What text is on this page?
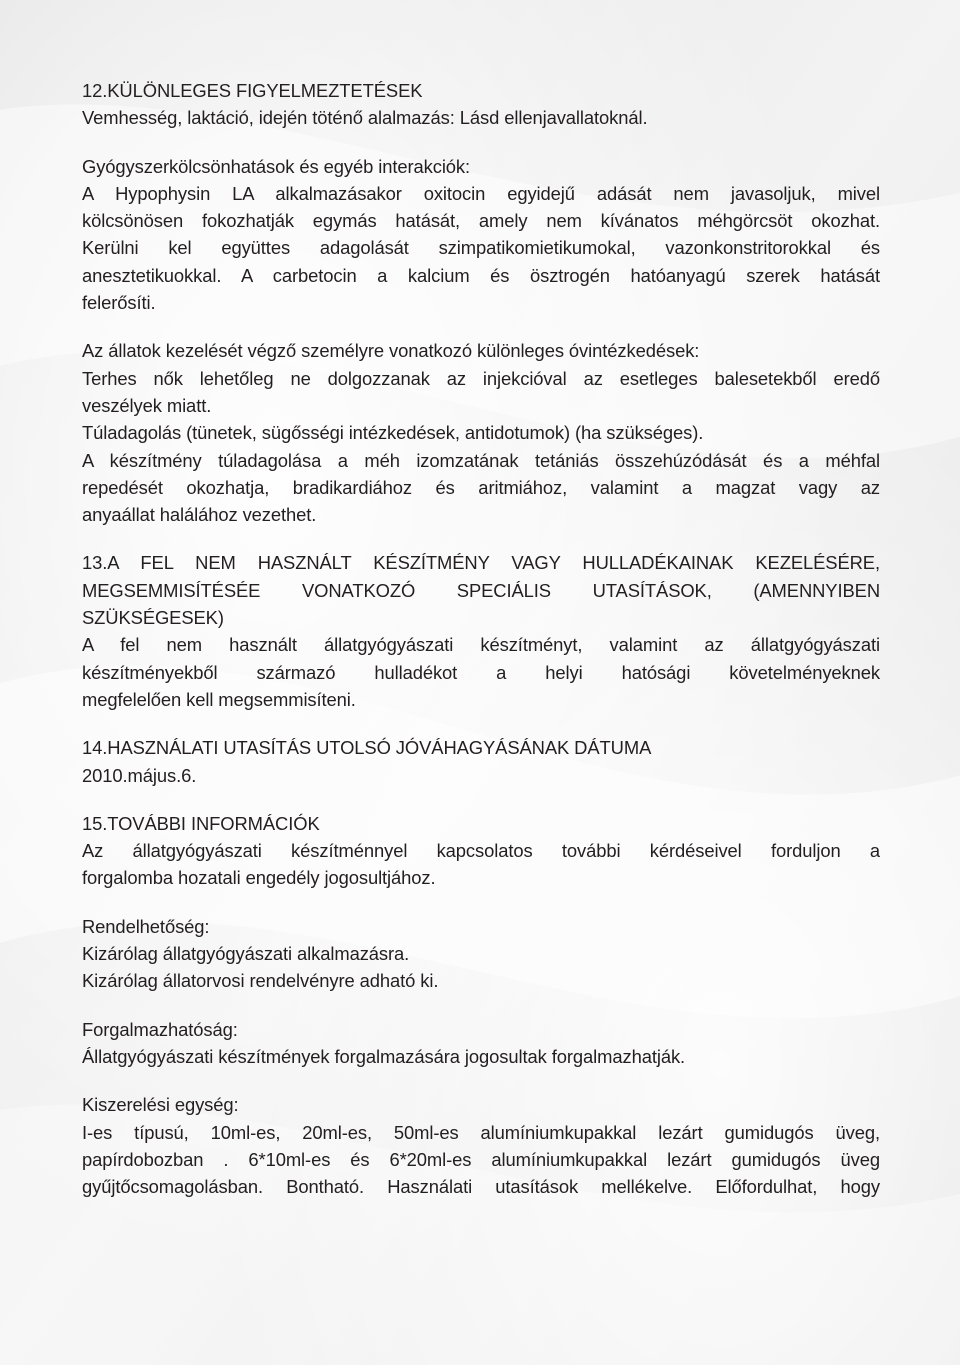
12.KÜLÖNLEGES FIGYELMEZTETÉSEK
Vemhesség, laktáció, idején töténő alalmazás: Lásd ellenjavallatoknál.
Gyógyszerkölcsönhatások és egyéb interakciók:
A Hypophysin LA alkalmazásakor oxitocin egyidejű adását nem javasoljuk, mivel
kölcsönösen fokozhatják egymás hatását, amely nem kívánatos méhgörcsöt okozhat.
Kerülni kel együttes adagolását szimpatikomietikumokal, vazonkonstritorokkal és
anesztetikuokkal. A carbetocin a kalcium és ösztrogén hatóanyagú szerek hatását
felerősíti.
Az állatok kezelését végző személyre vonatkozó különleges óvintézkedések:
Terhes nők lehetőleg ne dolgozzanak az injekcióval az esetleges balesetekből eredő
veszélyek miatt.
Túladagolás (tünetek, sügősségi intézkedések, antidotumok) (ha szükséges).
A készítmény túladagolása a méh izomzatának tetániás összehúzódását és a méhfal
repedését okozhatja, bradikardiához és aritmiához, valamint a magzat vagy az
anyaállat halálához vezethet.
13.A FEL NEM HASZNÁLT KÉSZÍTMÉNY VAGY HULLADÉKAINAK KEZELÉSÉRE,
MEGSEMMISÍTÉSÉE VONATKOZÓ SPECIÁLIS UTASÍTÁSOK, (AMENNYIBEN
SZÜKSÉGESEK)
A fel nem használt állatgyógyászati készítményt, valamint az állatgyógyászati
készítményekből származó hulladékot a helyi hatósági követelményeknek
megfelelően kell megsemmisíteni.
14.HASZNÁLATI UTASÍTÁS UTOLSÓ JÓVÁHAGYÁSÁNAK DÁTUMA
2010.május.6.
15.TOVÁBBI INFORMÁCIÓK
Az állatgyógyászati készítménnyel kapcsolatos további kérdéseivel forduljon a
forgalomba hozatali engedély jogosultjához.
Rendelhetőség:
Kizárólag állatgyógyászati alkalmazásra.
Kizárólag állatorvosi rendelvényre adható ki.
Forgalmazhatóság:
Állatgyógyászati készítmények forgalmazására jogosultak forgalmazhatják.
Kiszerelési egység:
I-es típusú, 10ml-es, 20ml-es, 50ml-es alumíniumkupakkal lezárt gumidugós üveg,
papírdobozban . 6*10ml-es és 6*20ml-es alumíniumkupakkal lezárt gumidugós üveg
gyűjtőcsomagolásban. Bontható. Használati utasítások mellékelve. Előfordulhat, hogy
